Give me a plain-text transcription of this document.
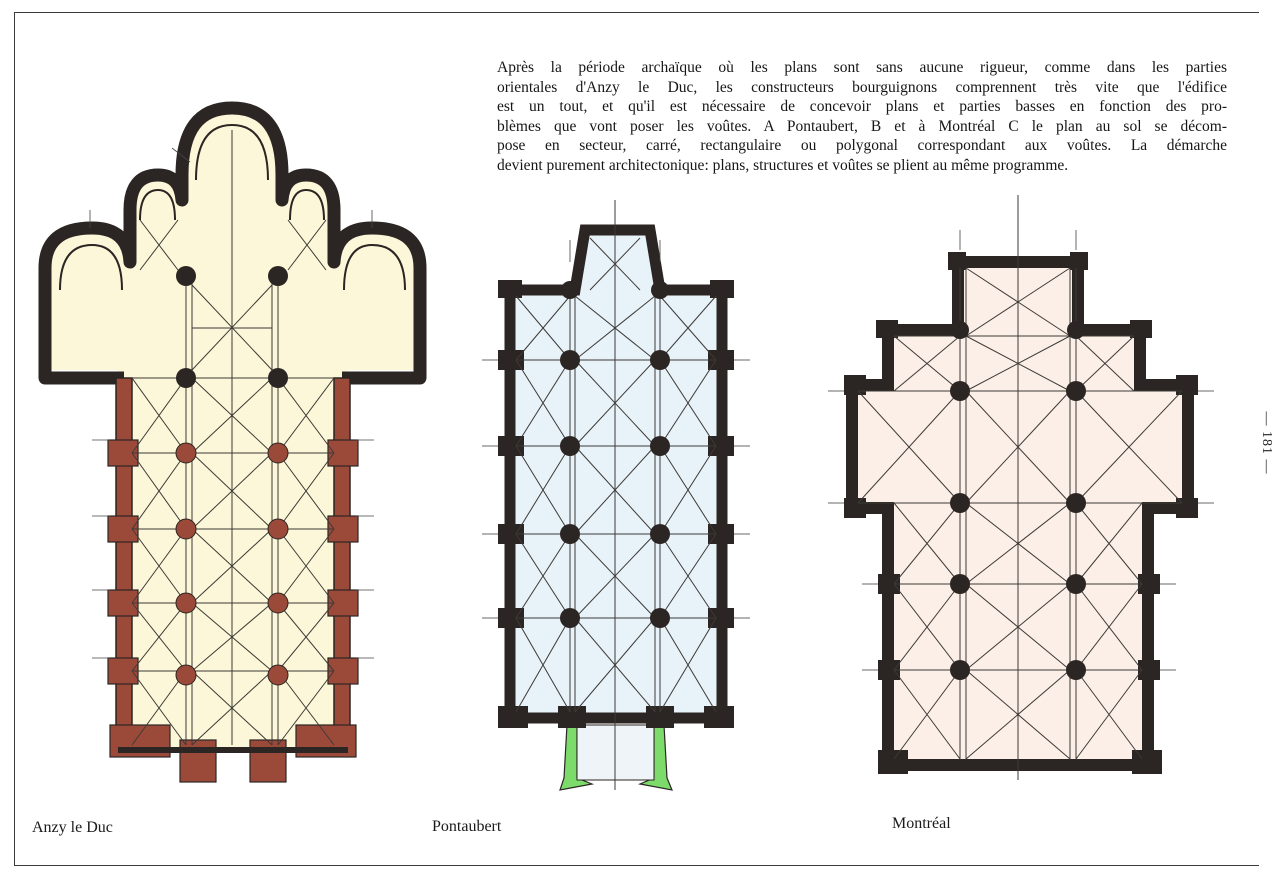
Après la période archaïque où les plans sont sans aucune rigueur, comme dans les parties
orientales d'Anzy le Duc, les constructeurs bourguignons comprennent très vite que l'édifice
est un tout, et qu'il est nécessaire de concevoir plans et parties basses en fonction des pro-
blèmes que vont poser les voûtes. A Pontaubert, B et à Montréal C le plan au sol se décom-
pose en secteur, carré, rectangulaire ou polygonal correspondant aux voûtes. La démarche
devient purement architectonique: plans, structures et voûtes se plient au même programme.
— 181 —
Anzy le Duc	Pontaubert	Montréal
